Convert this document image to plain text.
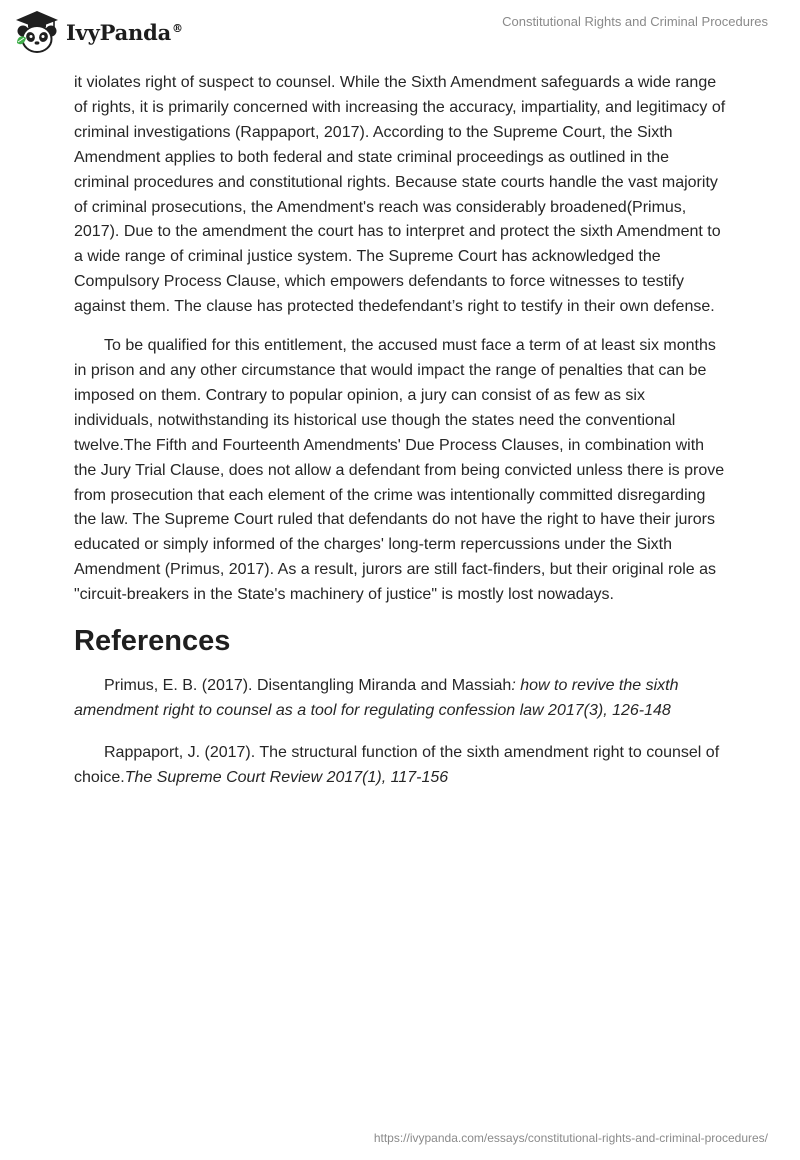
IvyPanda®	Constitutional Rights and Criminal Procedures

it violates right of suspect to counsel. While the Sixth Amendment safeguards a wide range of rights, it is primarily concerned with increasing the accuracy, impartiality, and legitimacy of criminal investigations (Rappaport, 2017). According to the Supreme Court, the Sixth Amendment applies to both federal and state criminal proceedings as outlined in the criminal procedures and constitutional rights. Because state courts handle the vast majority of criminal prosecutions, the Amendment's reach was considerably broadened(Primus, 2017). Due to the amendment the court has to interpret and protect the sixth Amendment to a wide range of criminal justice system. The Supreme Court has acknowledged the Compulsory Process Clause, which empowers defendants to force witnesses to testify against them. The clause has protected thedefendant’s right to testify in their own defense.

To be qualified for this entitlement, the accused must face a term of at least six months in prison and any other circumstance that would impact the range of penalties that can be imposed on them. Contrary to popular opinion, a jury can consist of as few as six individuals, notwithstanding its historical use though the states need the conventional twelve.The Fifth and Fourteenth Amendments' Due Process Clauses, in combination with the Jury Trial Clause, does not allow a defendant from being convicted unless there is prove from prosecution that each element of the crime was intentionally committed disregarding the law. The Supreme Court ruled that defendants do not have the right to have their jurors educated or simply informed of the charges' long-term repercussions under the Sixth Amendment (Primus, 2017). As a result, jurors are still fact-finders, but their original role as "circuit-breakers in the State's machinery of justice" is mostly lost nowadays.

References

Primus, E. B. (2017). Disentangling Miranda and Massiah: how to revive the sixth amendment right to counsel as a tool for regulating confession law 2017(3), 126-148

Rappaport, J. (2017). The structural function of the sixth amendment right to counsel of choice.The Supreme Court Review 2017(1), 117-156

https://ivypanda.com/essays/constitutional-rights-and-criminal-procedures/
